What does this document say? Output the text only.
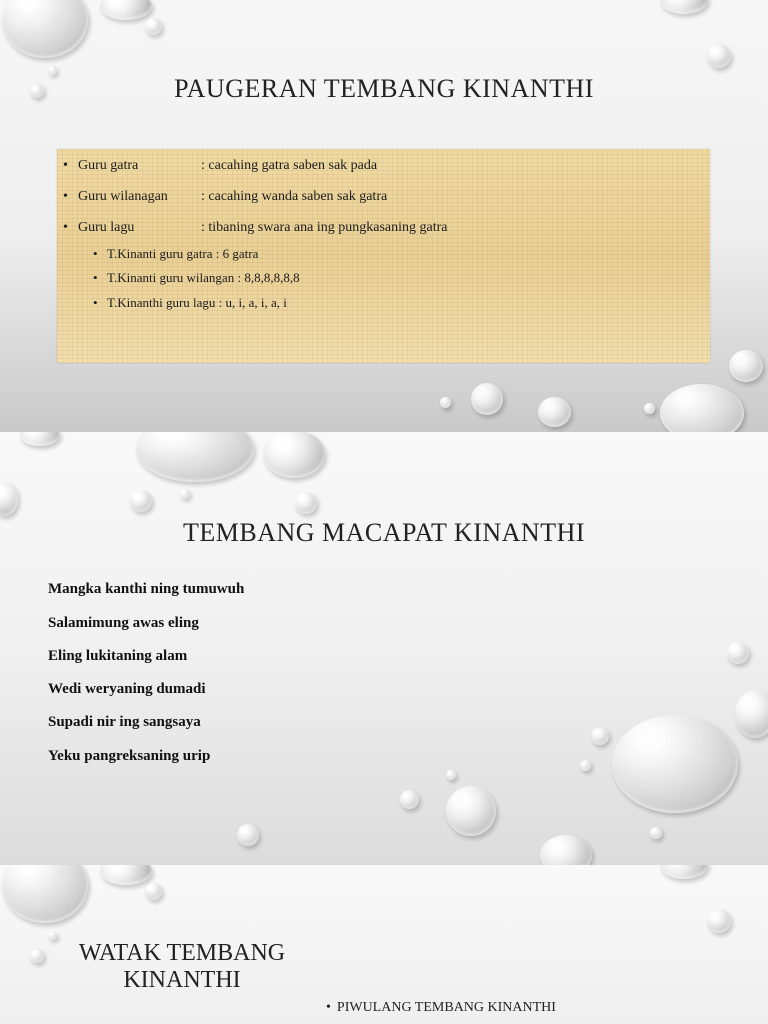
PAUGERAN TEMBANG KINANTHI
• Guru gatra	: cacahing gatra saben sak pada
• Guru wilanagan : cacahing wanda saben sak gatra
• Guru lagu	: tibaning swara ana ing pungkasaning gatra
• T.Kinanti guru gatra : 6 gatra
• T.Kinanti guru wilangan : 8,8,8,8,8,8
• T.Kinanthi guru lagu : u, i, a, i, a, i
TEMBANG MACAPAT KINANTHI
Mangka kanthi ning tumuwuh
Salamimung awas eling
Eling lukitaning alam
Wedi weryaning dumadi
Supadi nir ing sangsaya
Yeku pangreksaning urip
WATAK TEMBANG
KINANTHI
• PIWULANG TEMBANG KINANTHI
